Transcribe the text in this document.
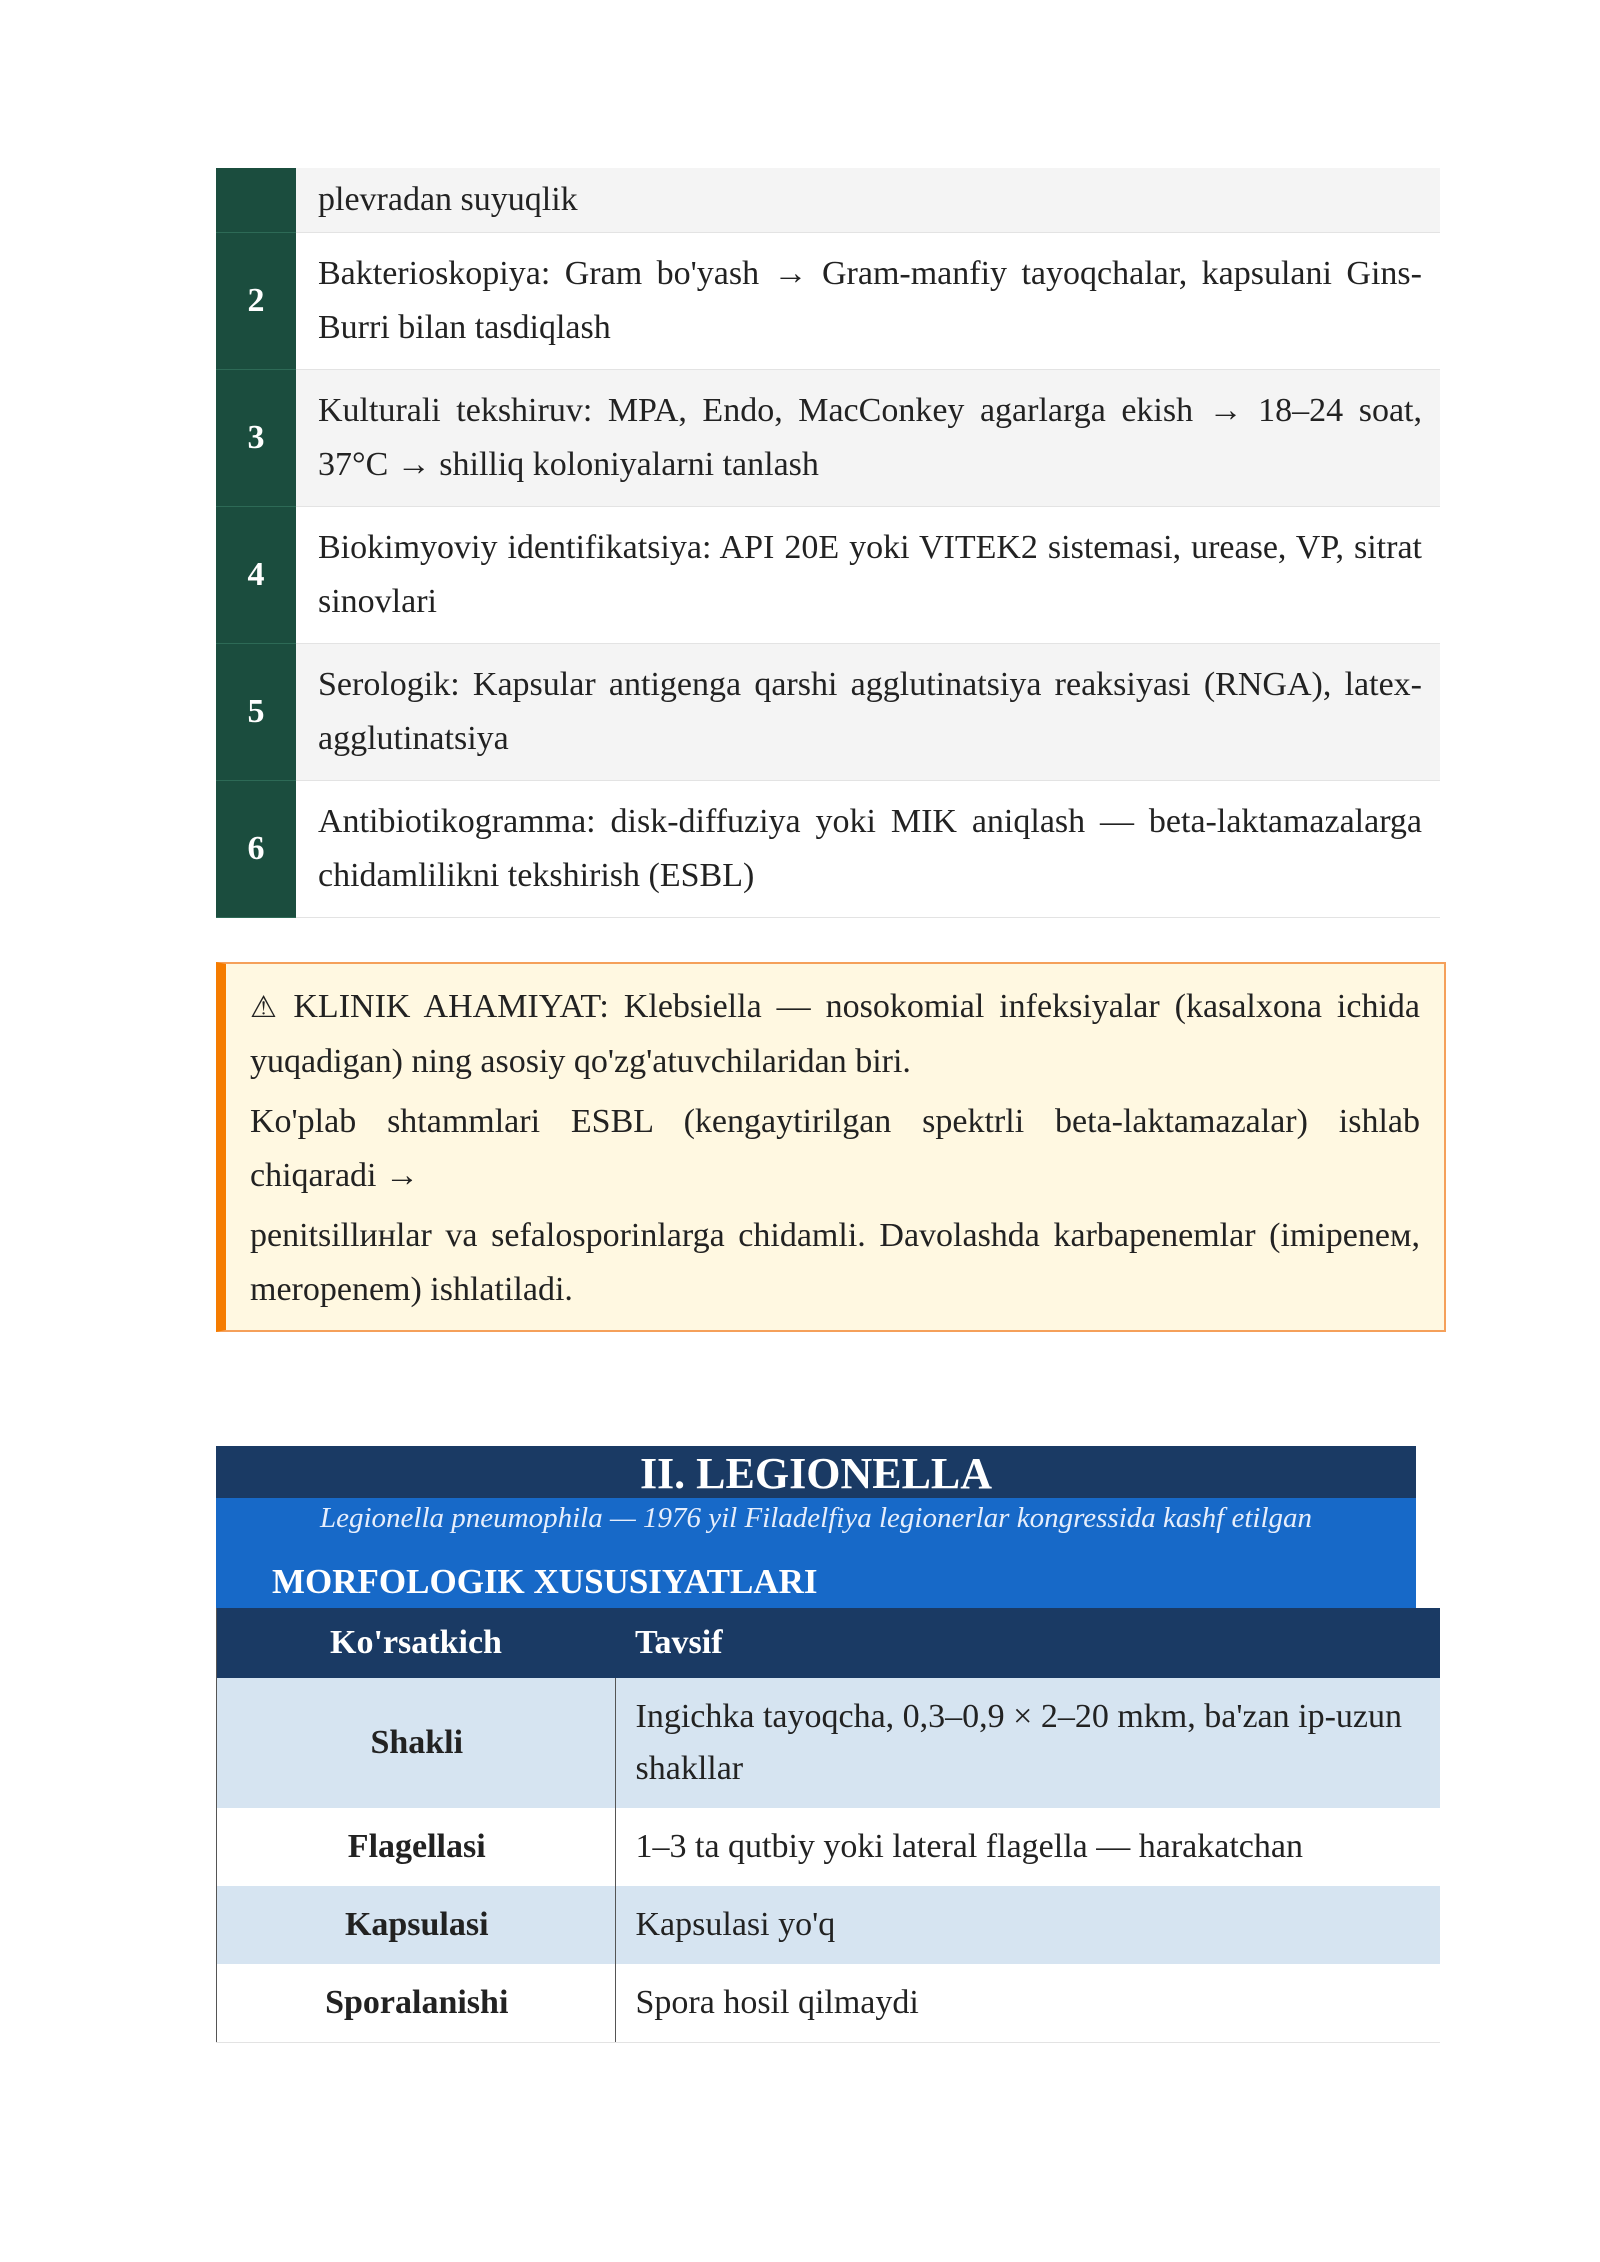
	plevradan suyuqlik
2	Bakterioskopiya: Gram bo'yash → Gram-manfiy tayoqchalar, kapsulani Gins-Burri bilan tasdiqlash
3	Kulturali tekshiruv: MPA, Endo, MacConkey agarlarga ekish → 18–24 soat, 37°C → shilliq koloniyalarni tanlash
4	Biokimyoviy identifikatsiya: API 20E yoki VITEK2 sistemasi, urease, VP, sitrat sinovlari
5	Serologik: Kapsular antigenga qarshi agglutinatsiya reaksiyasi (RNGA), latex-agglutinatsiya
6	Antibiotikogrammа: disk-diffuziya yoki MIK aniqlash — beta-laktamazalarga chidamlilikni tekshirish (ESBL)

⚠ KLINIK AHAMIYAT: Klebsiella — nosokomial infeksiyalar (kasalxona ichida yuqadigan) ning asosiy qo'zg'atuvchilaridan biri.

Ko'plab shtammlari ESBL (kengaytirilgan spektrli beta-laktamazalar) ishlab chiqaradi →

penitsillинlar va sefalosporinlarga chidamli. Davolashda karbapenemlar (imipenем, meropenem) ishlatiladi.

II. LEGIONELLA
Legionella pneumophila — 1976 yil Filadelfiya legionerlar kongressida kashf etilgan
MORFOLOGIK XUSUSIYATLARI
Ko'rsatkich	Tavsif
Shakli	Ingichka tayoqcha, 0,3–0,9 × 2–20 mkm, ba'zan ip-uzun shakllar
Flagellasi	1–3 ta qutbiy yoki lateral flagella — harakatchan
Kapsulasi	Kapsulasi yo'q
Sporalanishi	Spora hosil qilmaydi
